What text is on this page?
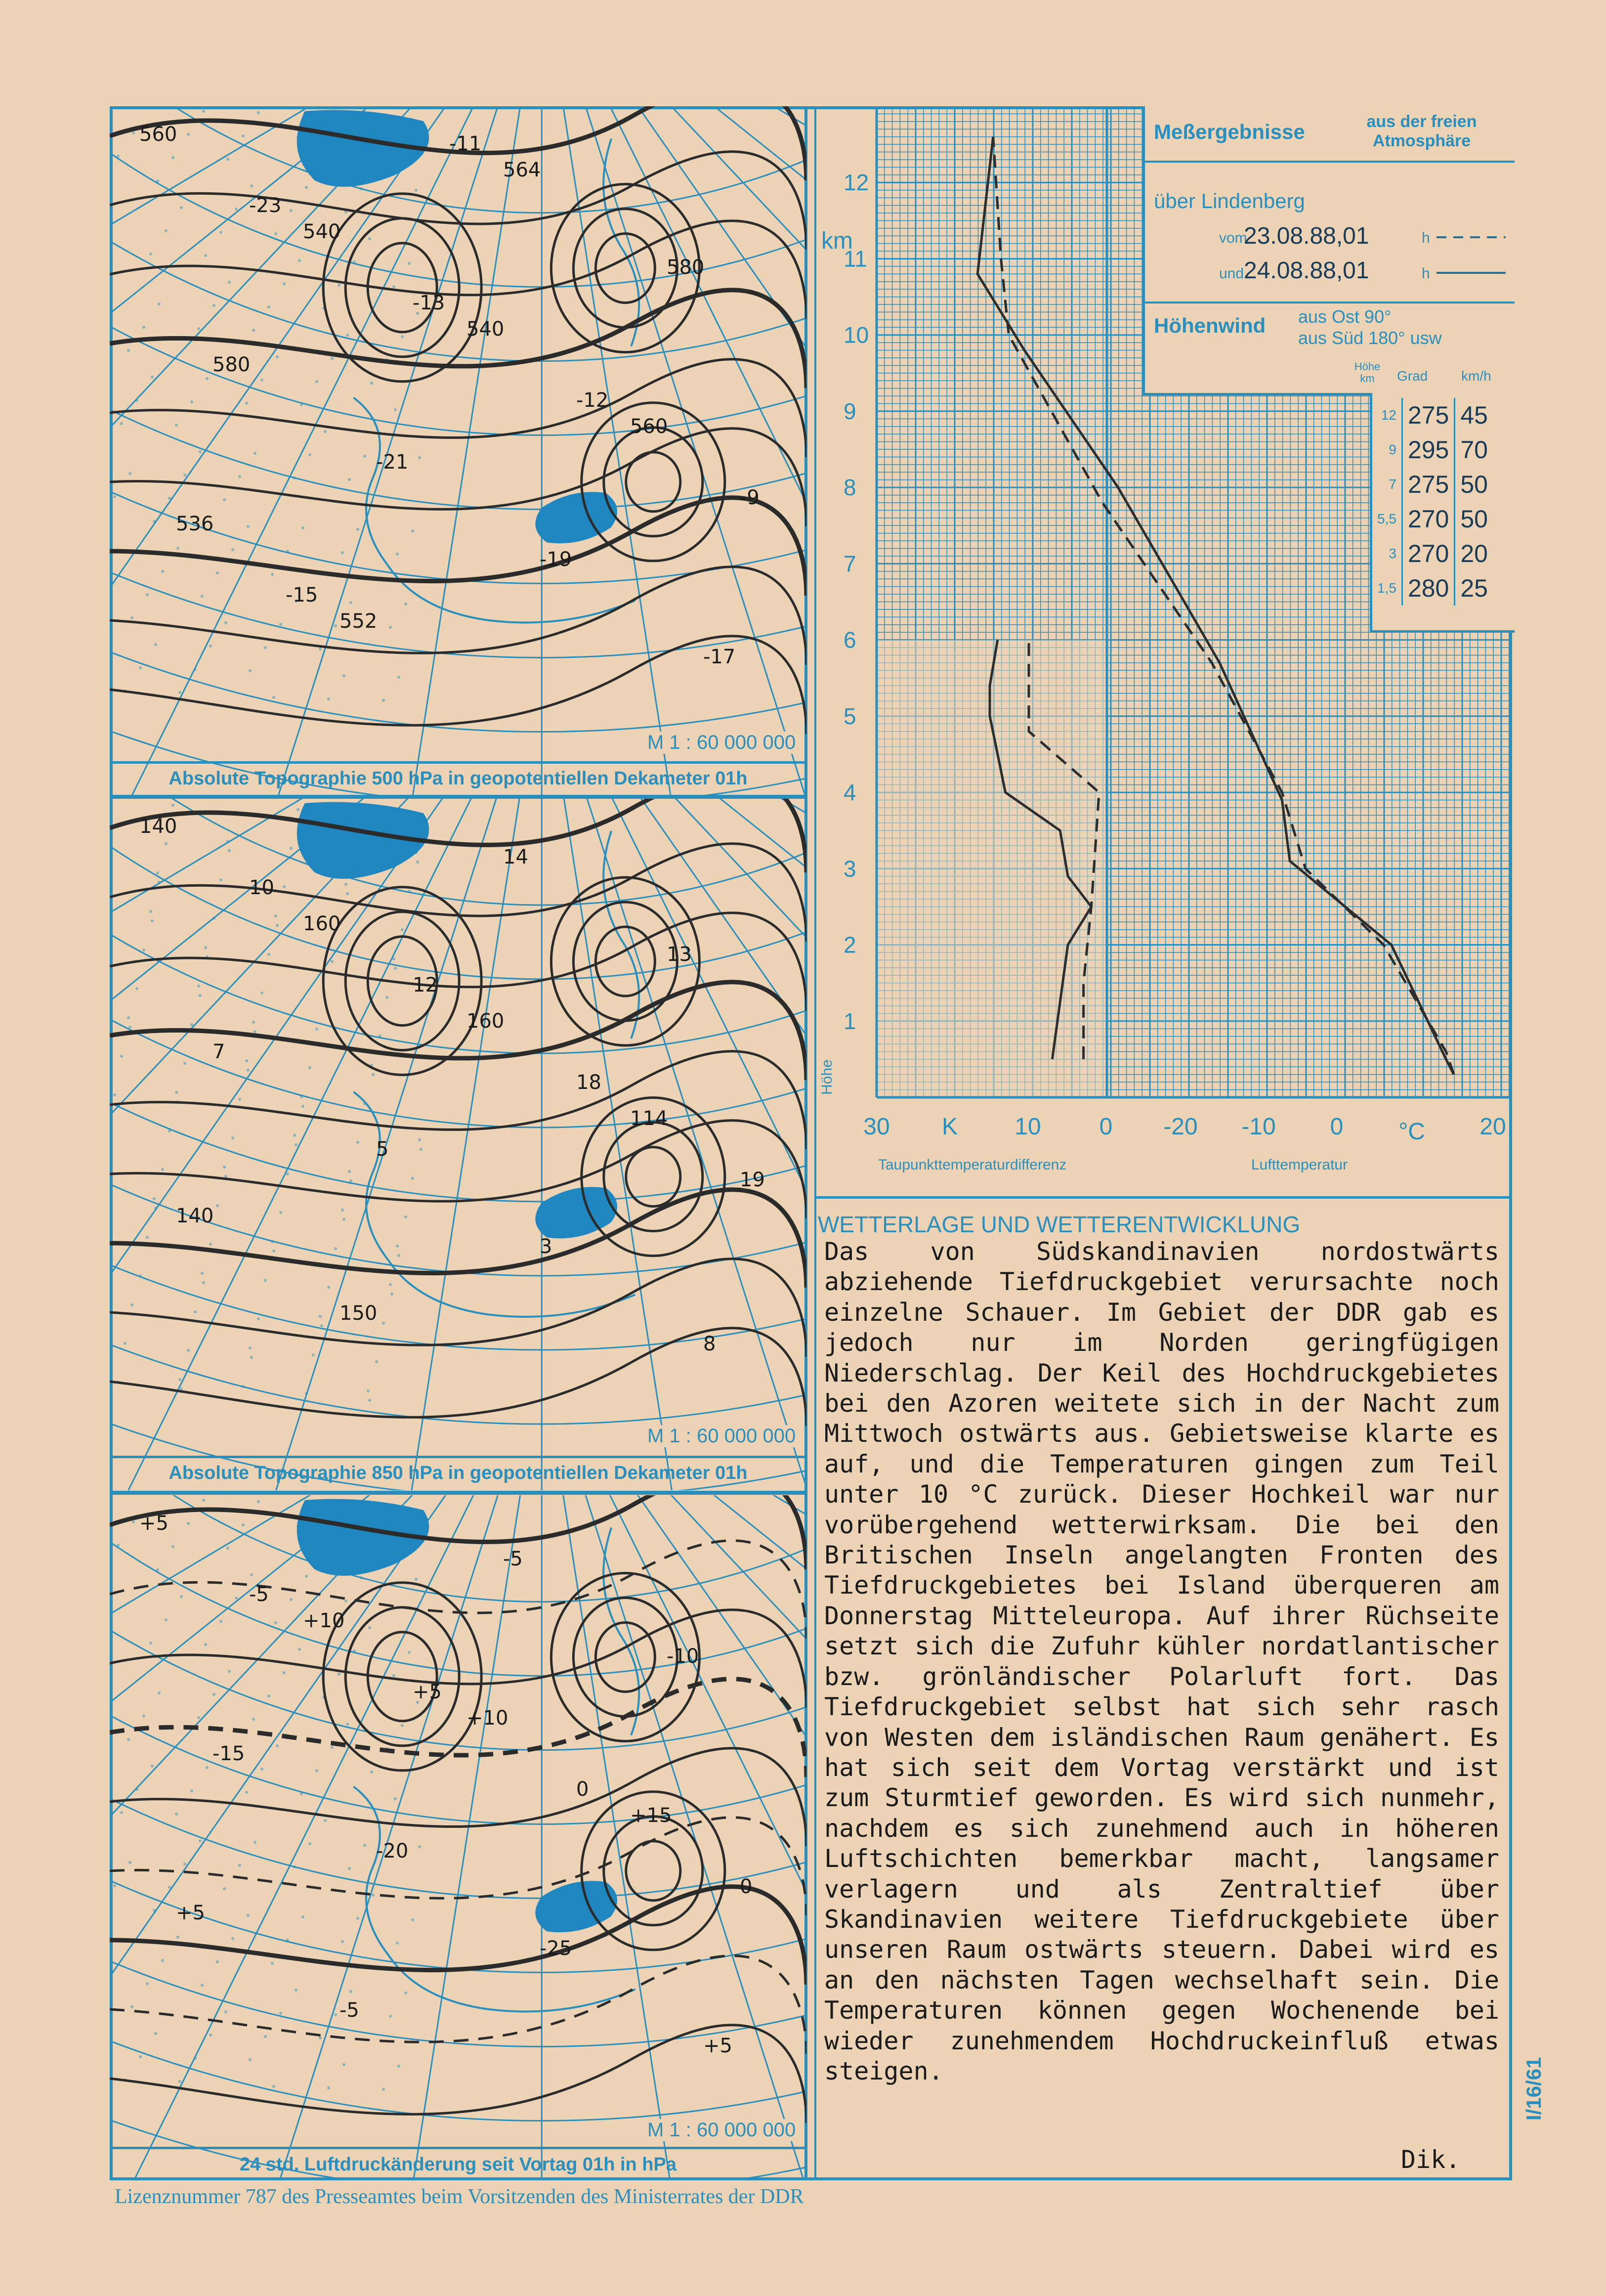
560
540
540
560
536
552
564
580
580
-21
-19
-17
-23
-13
-12
-9
-15
-11
Absolute Topographie 500 hPa in geopotentiellen Dekameter 01h
M 1 : 60 000 000
140
160
160
114
140
150
14
13
7
5
3
8
10
12
18
19
Absolute Topographie 850 hPa in geopotentiellen Dekameter 01h
M 1 : 60 000 000
+5
+10
+10
+15
+5
-5
-5
-10
-15
-20
-25
+5
-5
+5
0
0
24 std. Luftdruckänderung seit Vortag 01h in hPa
M 1 : 60 000 000
12
11
10
9
8
7
6
5
4
3
2
1
30 K 10 0 -20 -10 0 °C 20
Meßergebnisse	aus der freien Atmosphäre
über Lindenberg
vom
23.08.88,01	h
und 24.08.88,01	h
Höhenwind aus Ost 90°
aus Süd 180° usw
Höhe km	Grad km/h
12	275	45
9	295	70
7	275	50
5,5	270	50
3	270	20
1,5	280	25
km
Höhe
Taupunkttemperaturdifferenz	Lufttemperatur
WETTERLAGE UND WETTERENTWICKLUNG
Das von Südskandinavien nordostwärts abziehende Tiefdruckgebiet verursachte noch einzelne Schauer. Im Gebiet der DDR gab es jedoch nur im Norden geringfügigen Niederschlag. Der Keil des Hochdruckgebietes bei den Azoren weitete sich in der Nacht zum Mittwoch ostwärts aus. Gebietsweise klarte es auf, und die Temperaturen gingen zum Teil unter 10 °C zurück. Dieser Hochkeil war nur vorübergehend wetterwirksam. Die bei den Britischen Inseln angelangten Fronten des Tiefdruckgebietes bei Island überqueren am Donnerstag Mitteleuropa. Auf ihrer Rüchseite setzt sich die Zufuhr kühler nordatlantischer bzw. grönländischer Polarluft fort. Das Tiefdruckgebiet selbst hat sich sehr rasch von Westen dem isländischen Raum genähert. Es hat sich seit dem Vortag verstärkt und ist zum Sturmtief geworden. Es wird sich nunmehr, nachdem es sich zunehmend auch in höheren Luftschichten bemerkbar macht, langsamer verlagern und als Zentraltief über Skandinavien weitere Tiefdruckgebiete über unseren Raum ostwärts steuern. Dabei wird es an den nächsten Tagen wechselhaft sein. Die Temperaturen können gegen Wochenende bei wieder zunehmendem Hochdruckeinfluß etwas steigen.
Dik.
Lizenznummer 787 des Presseamtes beim Vorsitzenden des Ministerrates der DDR
I/16/61
